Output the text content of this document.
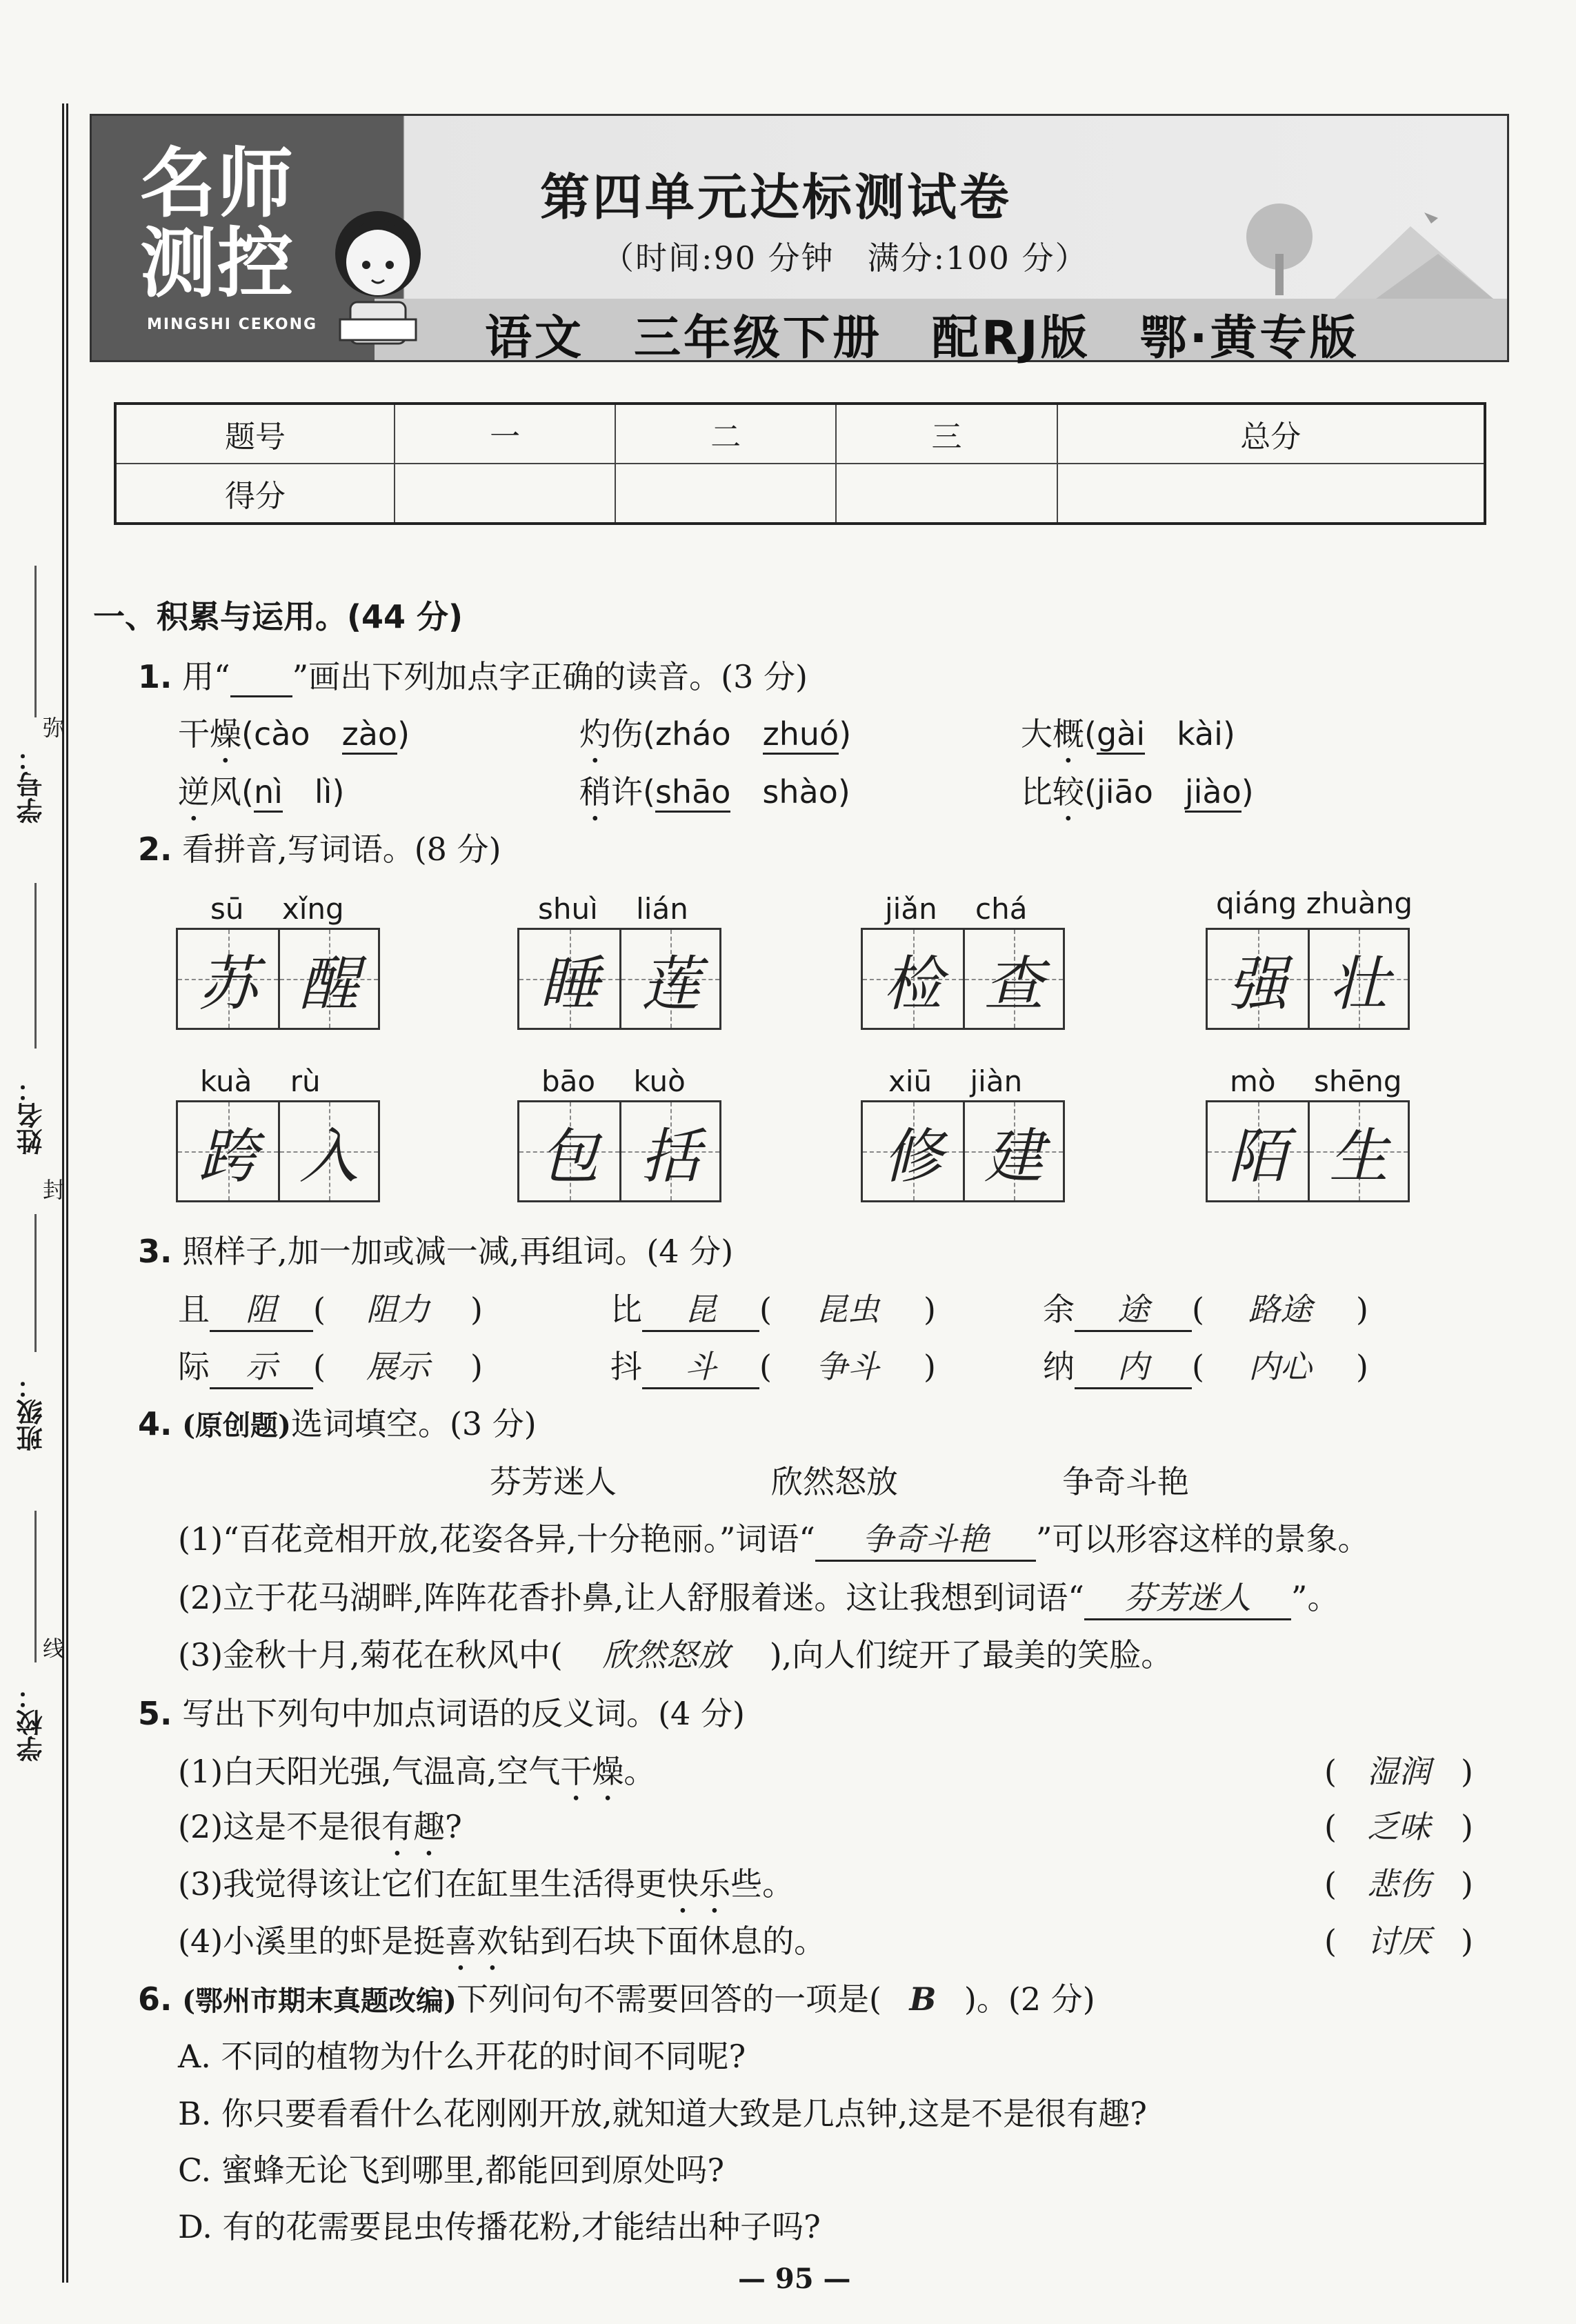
学号：
姓名：
班级：
学校：
弥
封
线
名师
测控
MINGSHI CEKONG
第四单元达标测试卷
（时间:90 分钟　满分:100 分）
语文　三年级下册　配RJ版　鄂·黄专版
题号	一	二	三	总分
得分				
一、积累与运用。(44 分)
1. 用“ ”画出下列加点字正确的读音。(3 分)
干燥(cào　 zào)	灼伤(zháo　 zhuó)	大概(gài　 kài)
逆风(nì　 lì)	稍许(shāo　 shào)	比较(jiāo　 jiào)
2. 看拼音,写词语。(8 分)
sū　 xǐng
苏 醒
shuì　 lián
睡 莲
jiǎn　 chá
检 查
qiáng zhuàng
强 壮
kuà　 rù
跨 入
bāo　 kuò
包 括
xiū　 jiàn
修 建
mò　 shēng
陌 生
3. 照样子,加一加或减一减,再组词。(4 分)
且 阻 ( 阻力 )	比 昆 ( 昆虫 )	余 途 ( 路途 )
际 示 ( 展示 )	抖 斗 ( 争斗 )	纳 内 ( 内心 )
4. (原创题)选词填空。(3 分)
芬芳迷人	欣然怒放	争奇斗艳
(1)“百花竞相开放,花姿各异,十分艳丽。”词语“ 争奇斗艳 ”可以形容这样的景象。
(2)立于花马湖畔,阵阵花香扑鼻,让人舒服着迷。这让我想到词语“ 芬芳迷人 ”。
(3)金秋十月,菊花在秋风中( 欣然怒放 ),向人们绽开了最美的笑脸。
5. 写出下列句中加点词语的反义词。(4 分)
(1)白天阳光强,气温高,空气干燥。	( 湿润 )
(2)这是不是很有趣?	( 乏味 )
(3)我觉得该让它们在缸里生活得更快乐些。	( 悲伤 )
(4)小溪里的虾是挺喜欢钻到石块下面休息的。	( 讨厌 )
6. (鄂州市期末真题改编)下列问句不需要回答的一项是( B )。(2 分)
A. 不同的植物为什么开花的时间不同呢?
B. 你只要看看什么花刚刚开放,就知道大致是几点钟,这是不是很有趣?
C. 蜜蜂无论飞到哪里,都能回到原处吗?
D. 有的花需要昆虫传播花粉,才能结出种子吗?
— 95 —
